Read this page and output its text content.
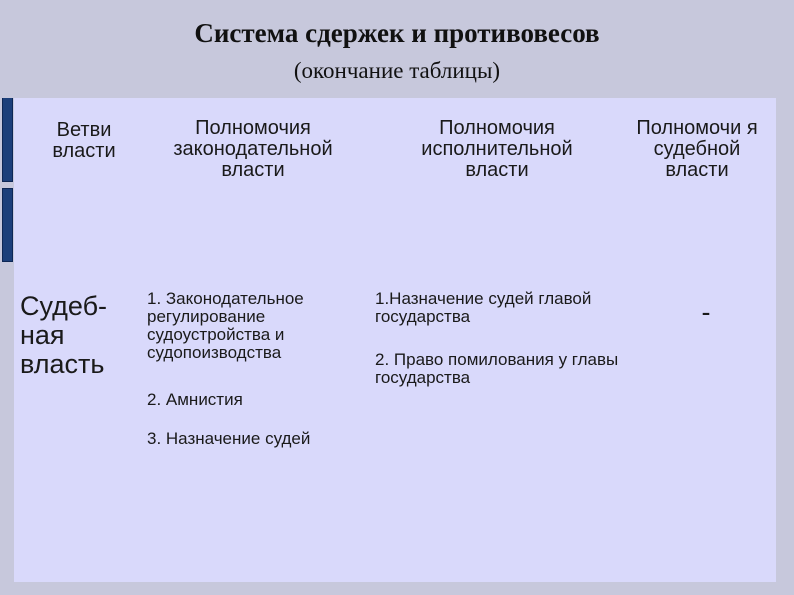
Система сдержек и противовесов
(окончание таблицы)
Ветви власти
Полномочия законодательной власти
Полномочия исполнительной власти
Полномочи я судебной власти
Судеб- ная власть
1. Законодательное регулирование судоустройства и судопоизводства
2. Амнистия
3. Назначение судей
1.Назначение судей главой государства
2. Право помилования у главы государства
-
